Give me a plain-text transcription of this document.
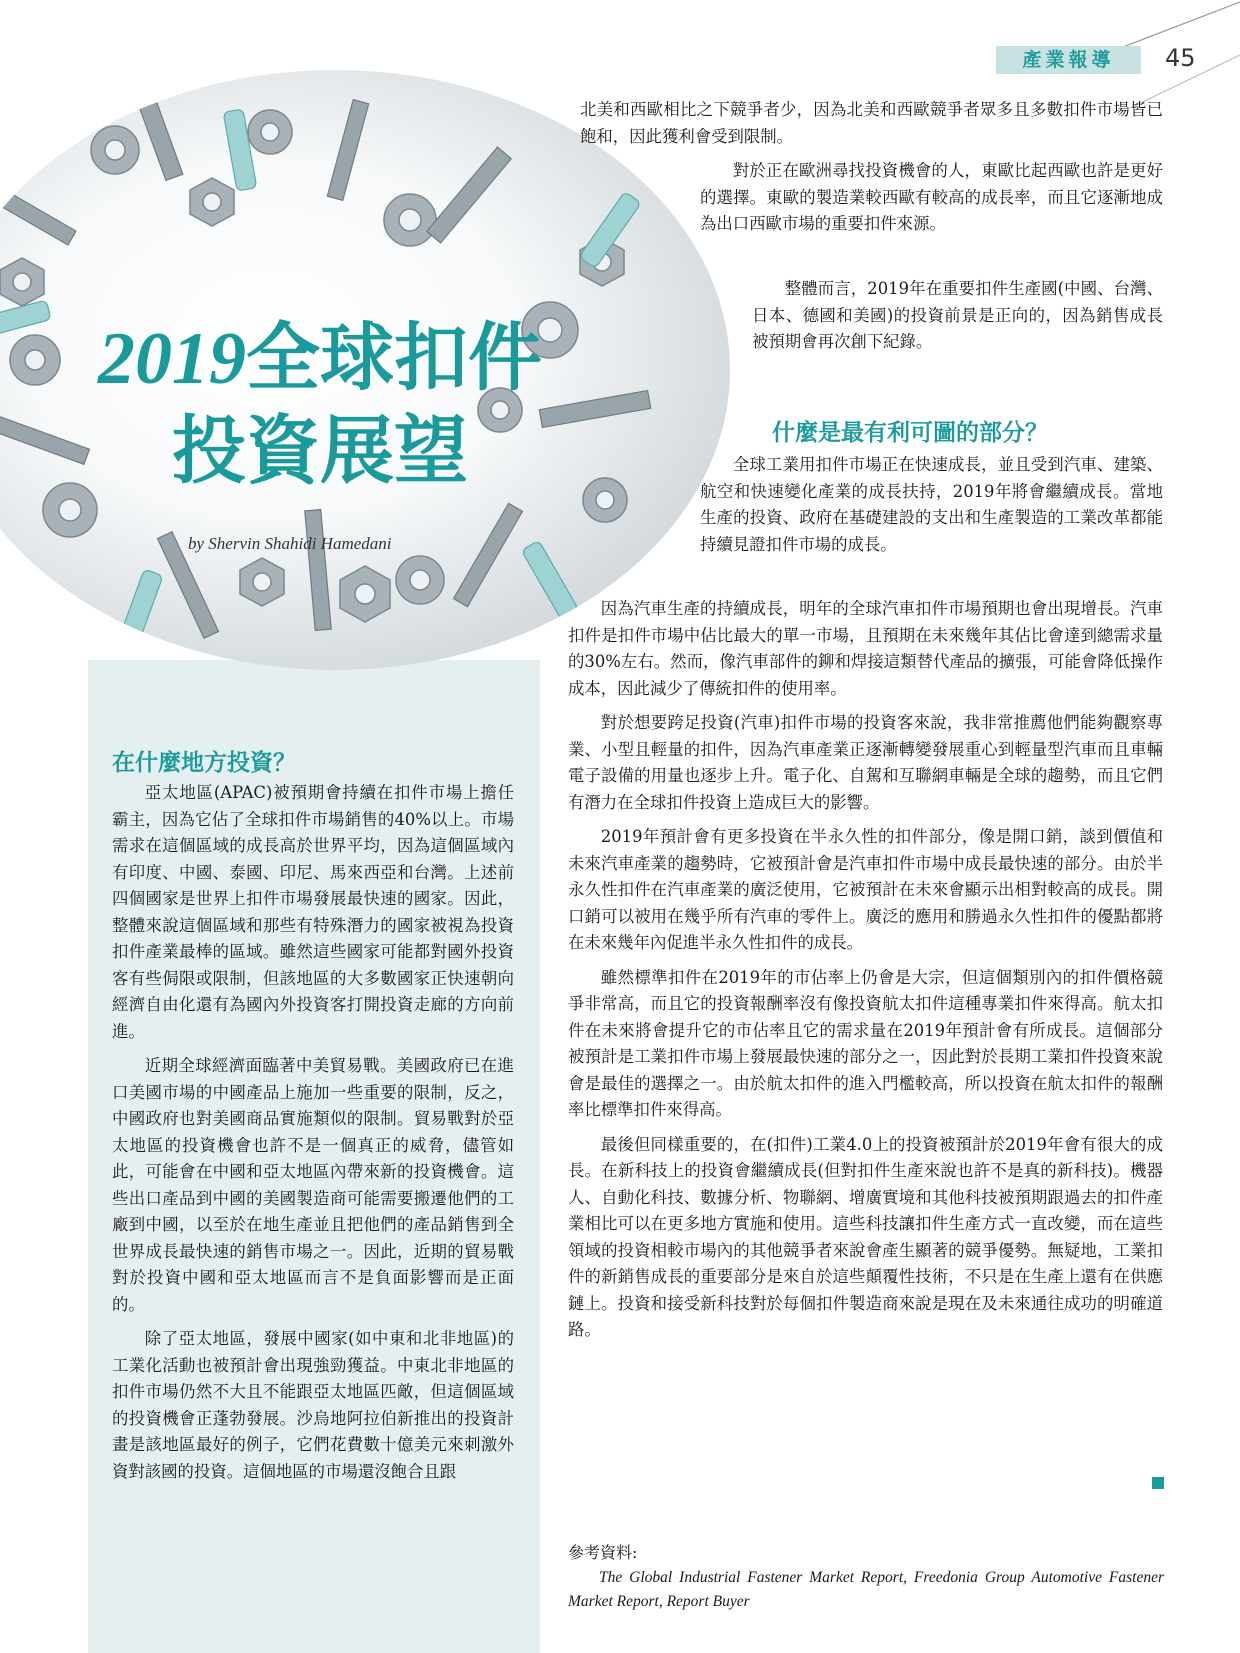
產業報導	45
2019全球扣件
投資展望
by Shervin Shahidi Hamedani

北美和西歐相比之下競爭者少，因為北美和西歐競爭者眾多且多數扣件市場皆已飽和，因此獲利會受到限制。

對於正在歐洲尋找投資機會的人，東歐比起西歐也許是更好的選擇。東歐的製造業較西歐有較高的成長率，而且它逐漸地成為出口西歐市場的重要扣件來源。

整體而言，2019年在重要扣件生產國(中國、台灣、日本、德國和美國)的投資前景是正向的，因為銷售成長被預期會再次創下紀錄。

什麼是最有利可圖的部分？

全球工業用扣件市場正在快速成長，並且受到汽車、建築、航空和快速變化產業的成長扶持，2019年將會繼續成長。當地生產的投資、政府在基礎建設的支出和生產製造的工業改革都能持續見證扣件市場的成長。

因為汽車生產的持續成長，明年的全球汽車扣件市場預期也會出現增長。汽車扣件是扣件市場中佔比最大的單一市場，且預期在未來幾年其佔比會達到總需求量的30%左右。然而，像汽車部件的鉚和焊接這類替代產品的擴張，可能會降低操作成本，因此減少了傳統扣件的使用率。

對於想要跨足投資(汽車)扣件市場的投資客來說，我非常推薦他們能夠觀察專業、小型且輕量的扣件，因為汽車產業正逐漸轉變發展重心到輕量型汽車而且車輛電子設備的用量也逐步上升。電子化、自駕和互聯網車輛是全球的趨勢，而且它們有潛力在全球扣件投資上造成巨大的影響。

2019年預計會有更多投資在半永久性的扣件部分，像是開口銷，談到價值和未來汽車產業的趨勢時，它被預計會是汽車扣件市場中成長最快速的部分。由於半永久性扣件在汽車產業的廣泛使用，它被預計在未來會顯示出相對較高的成長。開口銷可以被用在幾乎所有汽車的零件上。廣泛的應用和勝過永久性扣件的優點都將在未來幾年內促進半永久性扣件的成長。

雖然標準扣件在2019年的市佔率上仍會是大宗，但這個類別內的扣件價格競爭非常高，而且它的投資報酬率沒有像投資航太扣件這種專業扣件來得高。航太扣件在未來將會提升它的市佔率且它的需求量在2019年預計會有所成長。這個部分被預計是工業扣件市場上發展最快速的部分之一，因此對於長期工業扣件投資來說會是最佳的選擇之一。由於航太扣件的進入門檻較高，所以投資在航太扣件的報酬率比標準扣件來得高。

最後但同樣重要的，在(扣件)工業4.0上的投資被預計於2019年會有很大的成長。在新科技上的投資會繼續成長(但對扣件生產來說也許不是真的新科技)。機器人、自動化科技、數據分析、物聯網、增廣實境和其他科技被預期跟過去的扣件產業相比可以在更多地方實施和使用。這些科技讓扣件生產方式一直改變，而在這些領域的投資相較市場內的其他競爭者來說會產生顯著的競爭優勢。無疑地，工業扣件的新銷售成長的重要部分是來自於這些顛覆性技術，不只是在生產上還有在供應鏈上。投資和接受新科技對於每個扣件製造商來說是現在及未來通往成功的明確道路。

在什麼地方投資？

亞太地區(APAC)被預期會持續在扣件市場上擔任霸主，因為它佔了全球扣件市場銷售的40%以上。市場需求在這個區域的成長高於世界平均，因為這個區域內有印度、中國、泰國、印尼、馬來西亞和台灣。上述前四個國家是世界上扣件市場發展最快速的國家。因此，整體來說這個區域和那些有特殊潛力的國家被視為投資扣件產業最棒的區域。雖然這些國家可能都對國外投資客有些侷限或限制，但該地區的大多數國家正快速朝向經濟自由化還有為國內外投資客打開投資走廊的方向前進。

近期全球經濟面臨著中美貿易戰。美國政府已在進口美國市場的中國產品上施加一些重要的限制，反之，中國政府也對美國商品實施類似的限制。貿易戰對於亞太地區的投資機會也許不是一個真正的威脅，儘管如此，可能會在中國和亞太地區內帶來新的投資機會。這些出口產品到中國的美國製造商可能需要搬遷他們的工廠到中國，以至於在地生產並且把他們的產品銷售到全世界成長最快速的銷售市場之一。因此，近期的貿易戰對於投資中國和亞太地區而言不是負面影響而是正面的。

除了亞太地區，發展中國家(如中東和北非地區)的工業化活動也被預計會出現強勁獲益。中東北非地區的扣件市場仍然不大且不能跟亞太地區匹敵，但這個區域的投資機會正蓬勃發展。沙烏地阿拉伯新推出的投資計畫是該地區最好的例子，它們花費數十億美元來刺激外資對該國的投資。這個地區的市場還沒飽合且跟

參考資料:
The Global Industrial Fastener Market Report, Freedonia Group Automotive Fastener Market Report, Report Buyer
